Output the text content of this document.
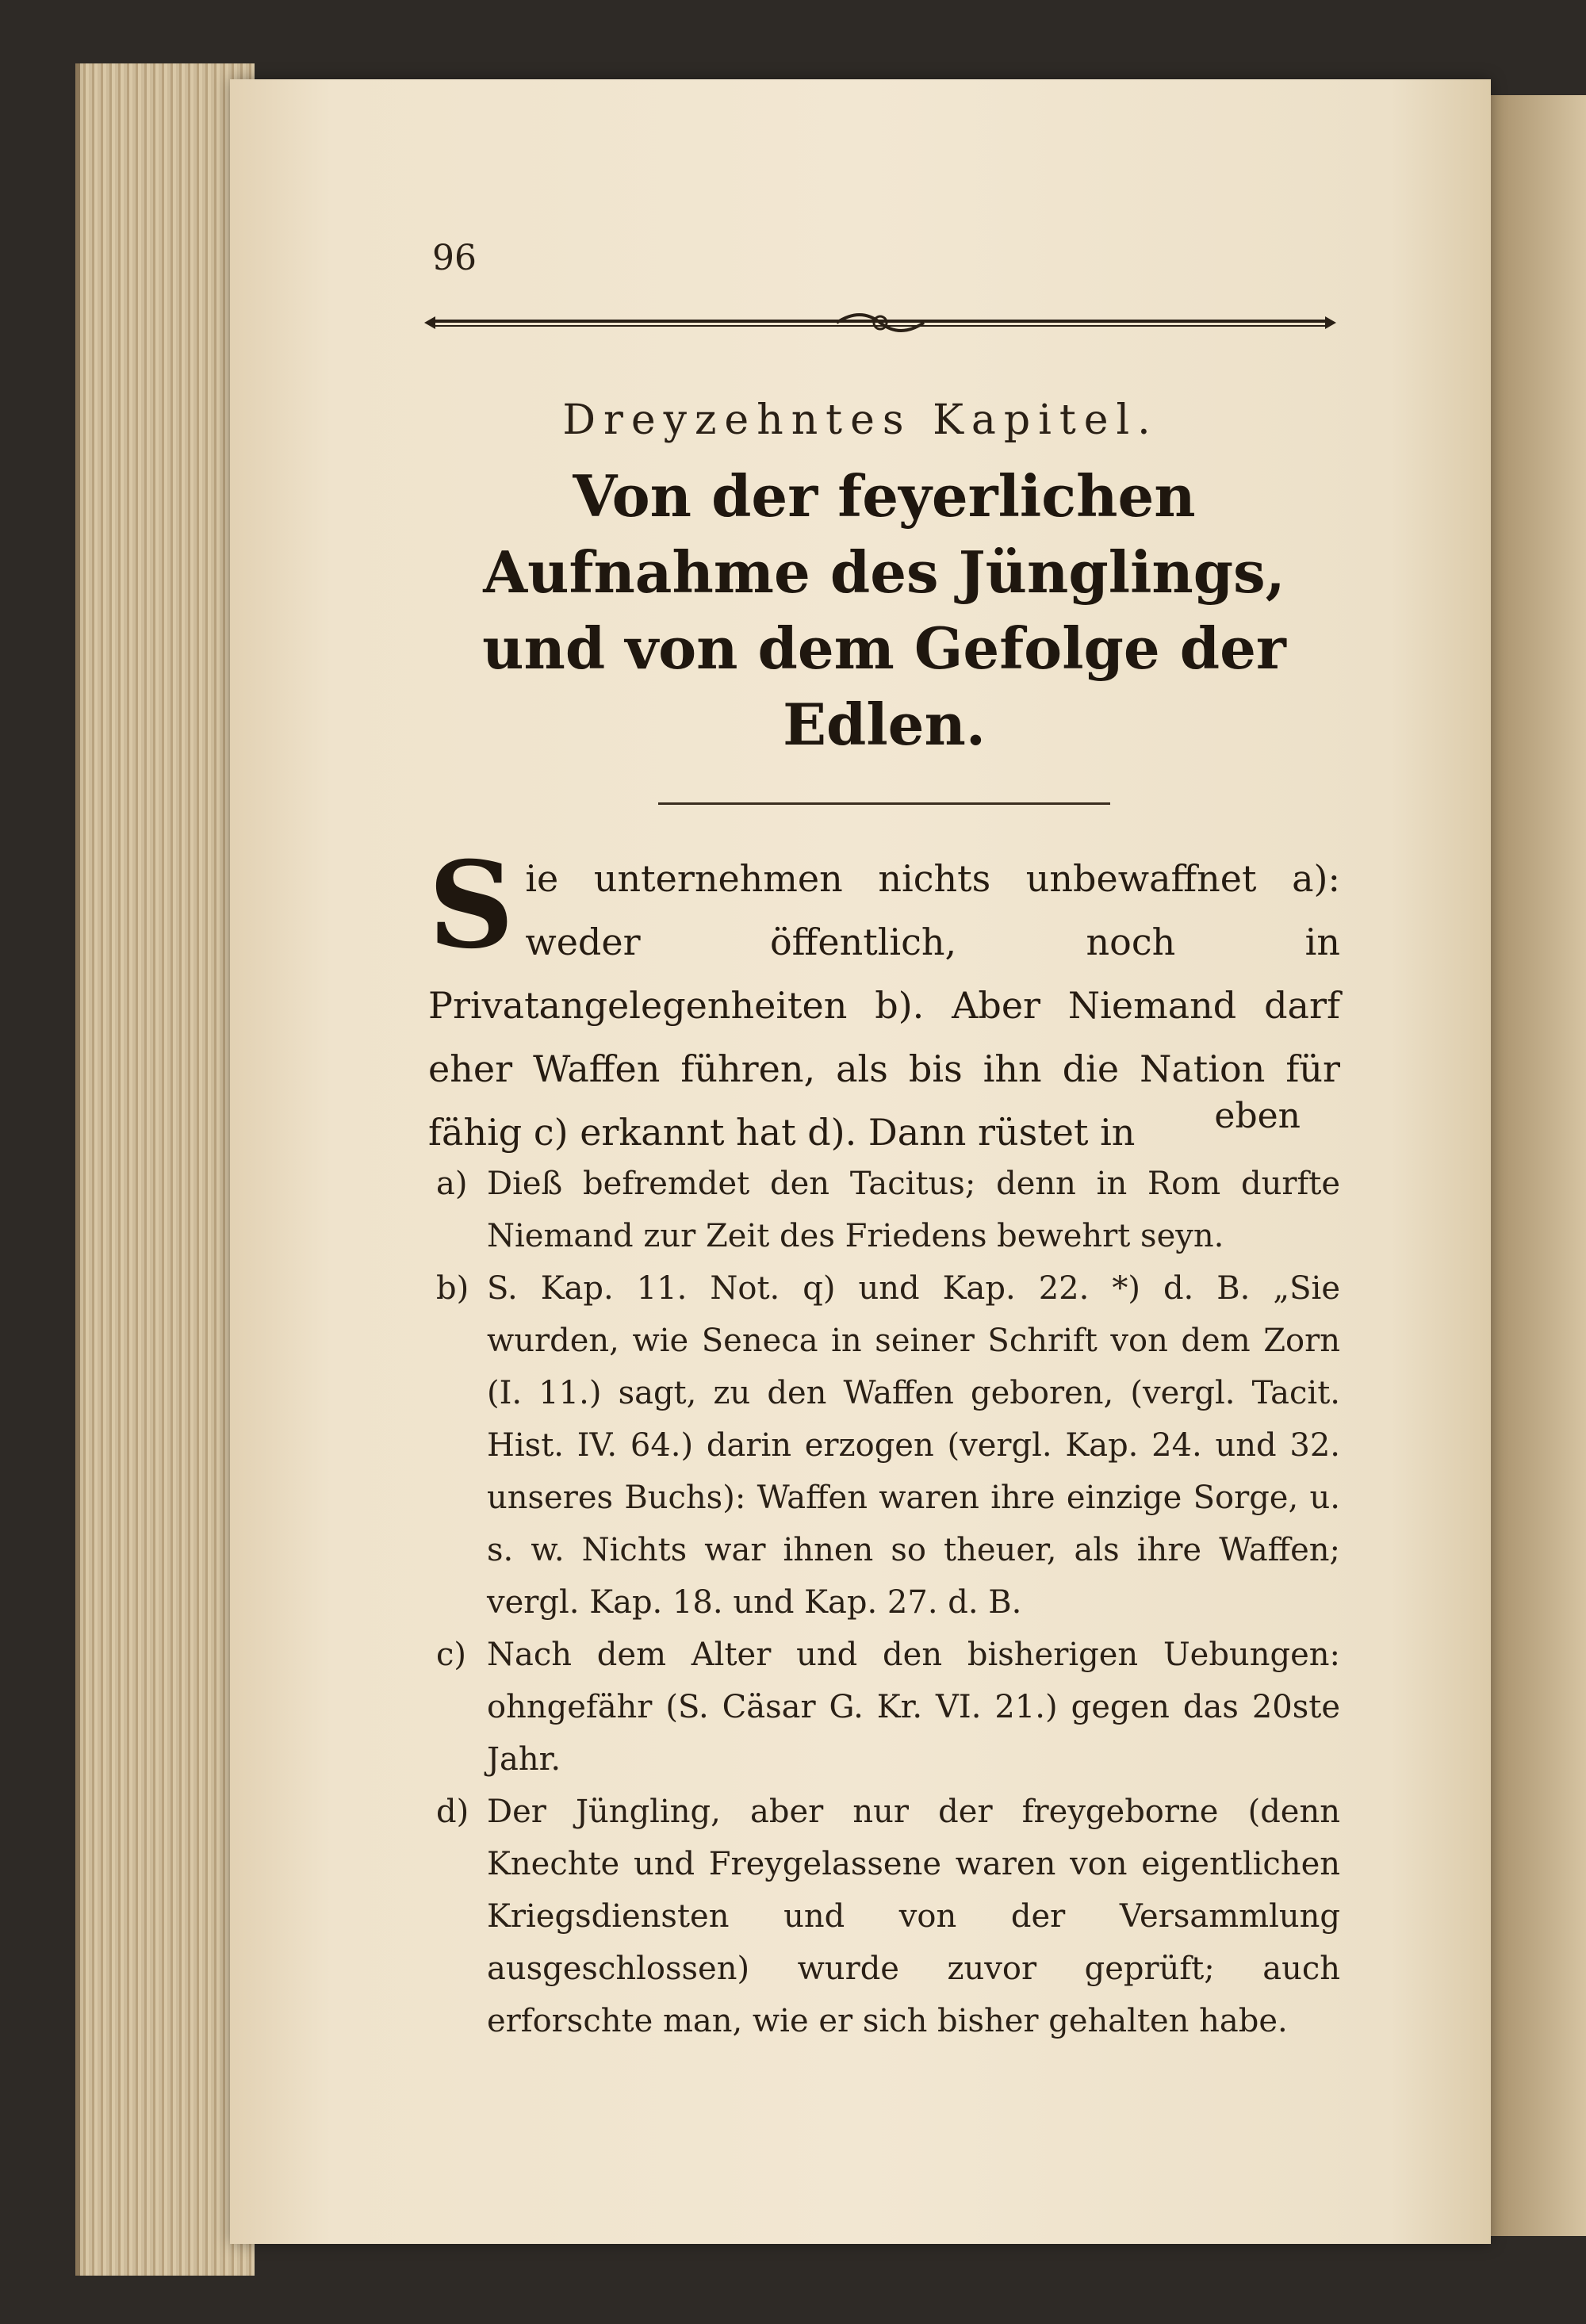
96
Dreyzehntes Kapitel.
Von der feyerlichen Aufnahme des Jünglings, und von dem Gefolge der Edlen.
S ie unternehmen nichts unbewaffnet a): weder öffentlich, noch in Privatangelegenheiten b). Aber Niemand darf eher Waffen führen, als bis ihn die Nation für fähig c) erkannt hat d). Dann rüstet in	eben
a) Dieß befremdet den Tacitus; denn in Rom durfte Niemand zur Zeit des Friedens bewehrt seyn.
b) S. Kap. 11. Not. q) und Kap. 22. *) d. B. „Sie wurden, wie Seneca in seiner Schrift von dem Zorn (I. 11.) sagt, zu den Waffen geboren, (vergl. Tacit. Hist. IV. 64.) darin erzogen (vergl. Kap. 24. und 32. unseres Buchs): Waffen waren ihre einzige Sorge, u. s. w. Nichts war ihnen so theuer, als ihre Waffen; vergl. Kap. 18. und Kap. 27. d. B.
c) Nach dem Alter und den bisherigen Uebungen: ohngefähr (S. Cäsar G. Kr. VI. 21.) gegen das 20ste Jahr.
d) Der Jüngling, aber nur der freygeborne (denn Knechte und Freygelassene waren von eigentlichen Kriegsdiensten und von der Versammlung ausgeschlossen) wurde zuvor geprüft; auch erforschte man, wie er sich bisher gehalten habe.
